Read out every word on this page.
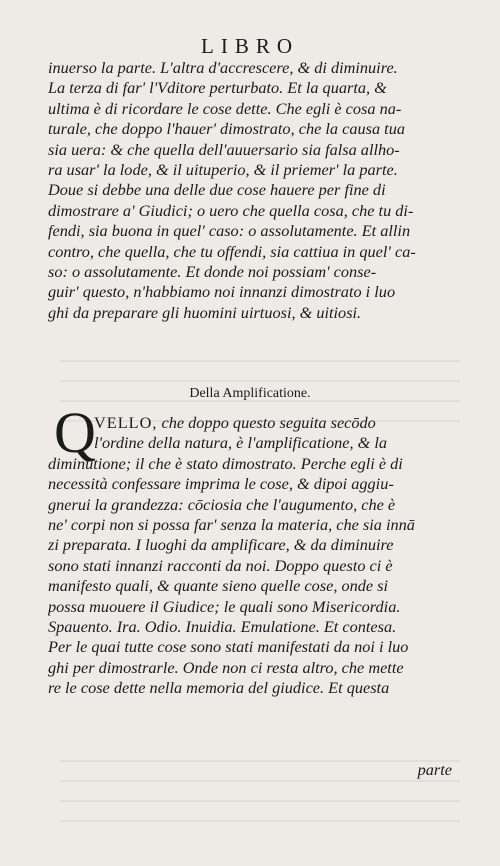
LIBRO
inuerso la parte. L'altra d'accrescere, & di diminuire.
La terza di far' l'Vditore perturbato. Et la quarta, &
ultima è di ricordare le cose dette. Che egli è cosa na-
turale, che doppo l'hauer' dimostrato, che la causa tua
sia uera: & che quella dell'auuersario sia falsa allho-
ra usar' la lode, & il uituperio, & il priemer' la parte.
Doue si debbe una delle due cose hauere per fine di
dimostrare a' Giudici; o uero che quella cosa, che tu di-
fendi, sia buona in quel' caso: o assolutamente. Et allin
contro, che quella, che tu offendi, sia cattiua in quel' ca-
so: o assolutamente. Et donde noi possiam' conse-
guir' questo, n'habbiamo noi innanzi dimostrato i luo
ghi da preparare gli huomini uirtuosi, & uitiosi.
Della Amplificatione.
Q
VELLO, che doppo questo seguita secōdo
l'ordine della natura, è l'amplificatione, & la
diminutione; il che è stato dimostrato. Perche egli è di
necessità confessare imprima le cose, & dipoi aggiu-
gnerui la grandezza: cōciosia che l'augumento, che è
ne' corpi non si possa far' senza la materia, che sia innā
zi preparata. I luoghi da amplificare, & da diminuire
sono stati innanzi racconti da noi. Doppo questo ci è
manifesto quali, & quante sieno quelle cose, onde si
possa muouere il Giudice; le quali sono Misericordia.
Spauento. Ira. Odio. Inuidia. Emulatione. Et contesa.
Per le quai tutte cose sono stati manifestati da noi i luo
ghi per dimostrarle. Onde non ci resta altro, che mette
re le cose dette nella memoria del giudice. Et questa
parte
